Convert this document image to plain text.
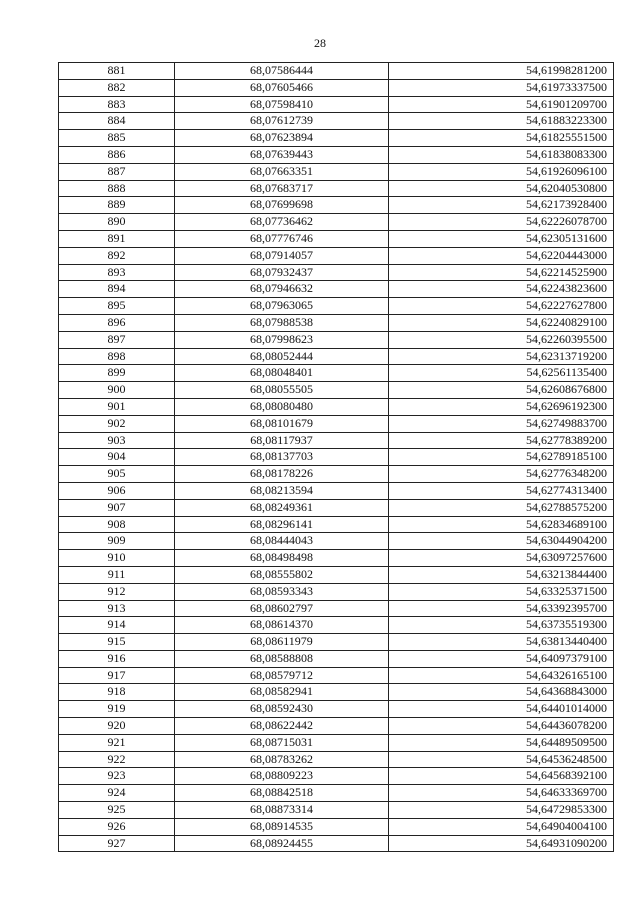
28
881	68,07586444	54,61998281200
882	68,07605466	54,61973337500
883	68,07598410	54,61901209700
884	68,07612739	54,61883223300
885	68,07623894	54,61825551500
886	68,07639443	54,61838083300
887	68,07663351	54,61926096100
888	68,07683717	54,62040530800
889	68,07699698	54,62173928400
890	68,07736462	54,62226078700
891	68,07776746	54,62305131600
892	68,07914057	54,62204443000
893	68,07932437	54,62214525900
894	68,07946632	54,62243823600
895	68,07963065	54,62227627800
896	68,07988538	54,62240829100
897	68,07998623	54,62260395500
898	68,08052444	54,62313719200
899	68,08048401	54,62561135400
900	68,08055505	54,62608676800
901	68,08080480	54,62696192300
902	68,08101679	54,62749883700
903	68,08117937	54,62778389200
904	68,08137703	54,62789185100
905	68,08178226	54,62776348200
906	68,08213594	54,62774313400
907	68,08249361	54,62788575200
908	68,08296141	54,62834689100
909	68,08444043	54,63044904200
910	68,08498498	54,63097257600
911	68,08555802	54,63213844400
912	68,08593343	54,63325371500
913	68,08602797	54,63392395700
914	68,08614370	54,63735519300
915	68,08611979	54,63813440400
916	68,08588808	54,64097379100
917	68,08579712	54,64326165100
918	68,08582941	54,64368843000
919	68,08592430	54,64401014000
920	68,08622442	54,64436078200
921	68,08715031	54,64489509500
922	68,08783262	54,64536248500
923	68,08809223	54,64568392100
924	68,08842518	54,64633369700
925	68,08873314	54,64729853300
926	68,08914535	54,64904004100
927	68,08924455	54,64931090200
